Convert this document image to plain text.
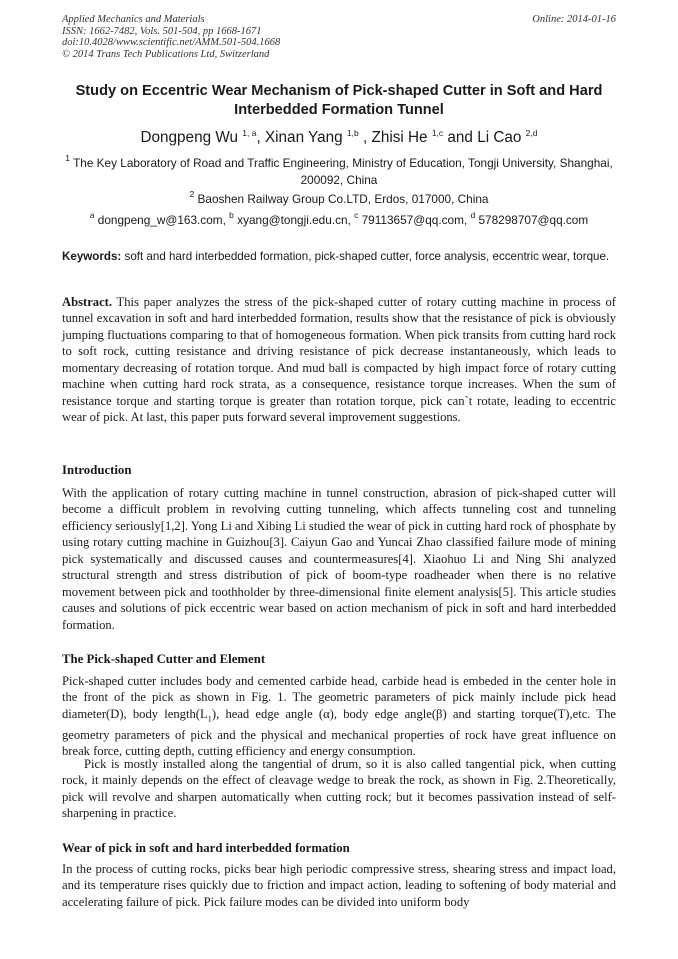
Applied Mechanics and Materials
ISSN: 1662-7482, Vols. 501-504, pp 1668-1671
doi:10.4028/www.scientific.net/AMM.501-504.1668
© 2014 Trans Tech Publications Ltd, Switzerland
Online: 2014-01-16
Study on Eccentric Wear Mechanism of Pick-shaped Cutter in Soft and Hard Interbedded Formation Tunnel
Dongpeng Wu $^{1, a}$, Xinan Yang $^{1,b}$ , Zhisi He $^{1,c}$ and Li Cao $^{2,d}$
$^1$ The Key Laboratory of Road and Traffic Engineering, Ministry of Education, Tongji University, Shanghai, 200092, China
$^2$ Baoshen Railway Group Co.LTD, Erdos, 017000, China
$^a$ dongpeng_w@163.com, $^b$ xyang@tongji.edu.cn, $^c$ 79113657@qq.com, $^d$ 578298707@qq.com
Keywords: soft and hard interbedded formation, pick-shaped cutter, force analysis, eccentric wear, torque.
Abstract. This paper analyzes the stress of the pick-shaped cutter of rotary cutting machine in process of tunnel excavation in soft and hard interbedded formation, results show that the resistance of pick is obviously jumping fluctuations comparing to that of homogeneous formation. When pick transits from cutting hard rock to soft rock, cutting resistance and driving resistance of pick decrease instantaneously, which leads to momentary decreasing of rotation torque. And mud ball is compacted by high impact force of rotary cutting machine when cutting hard rock strata, as a consequence, resistance torque increases. When the sum of resistance torque and starting torque is greater than rotation torque, pick can`t rotate, leading to eccentric wear of pick. At last, this paper puts forward several improvement suggestions.
Introduction
With the application of rotary cutting machine in tunnel construction, abrasion of pick-shaped cutter will become a difficult problem in revolving cutting tunneling, which affects tunneling cost and tunneling efficiency seriously[1,2]. Yong Li and Xibing Li studied the wear of pick in cutting hard rock of phosphate by using rotary cutting machine in Guizhou[3]. Caiyun Gao and Yuncai Zhao classified failure mode of mining pick systematically and discussed causes and countermeasures[4]. Xiaohuo Li and Ning Shi analyzed structural strength and stress distribution of pick of boom-type roadheader when there is no relative movement between pick and toothholder by three-dimensional finite element analysis[5]. This article studies causes and solutions of pick eccentric wear based on action mechanism of pick in soft and hard interbedded formation.
The Pick-shaped Cutter and Element
Pick-shaped cutter includes body and cemented carbide head, carbide head is embeded in the center hole in the front of the pick as shown in Fig. 1. The geometric parameters of pick mainly include pick head diameter(D), body $length(L_1)$, head edge angle (α), body edge angle(β) and starting torque(T),etc. The geometry parameters of pick and the physical and mechanical properties of rock have great influence on break force, cutting depth, cutting efficiency and energy consumption.
Pick is mostly installed along the tangential of drum, so it is also called tangential pick, when cutting rock, it mainly depends on the effect of cleavage wedge to break the rock, as shown in Fig. 2.Theoretically, pick will revolve and sharpen automatically when cutting rock; but it becomes passivation instead of self-sharpening in practice.
Wear of pick in soft and hard interbedded formation
In the process of cutting rocks, picks bear high periodic compressive stress, shearing stress and impact load, and its temperature rises quickly due to friction and impact action, leading to softening of body material and accelerating failure of pick. Pick failure modes can be divided into uniform body
